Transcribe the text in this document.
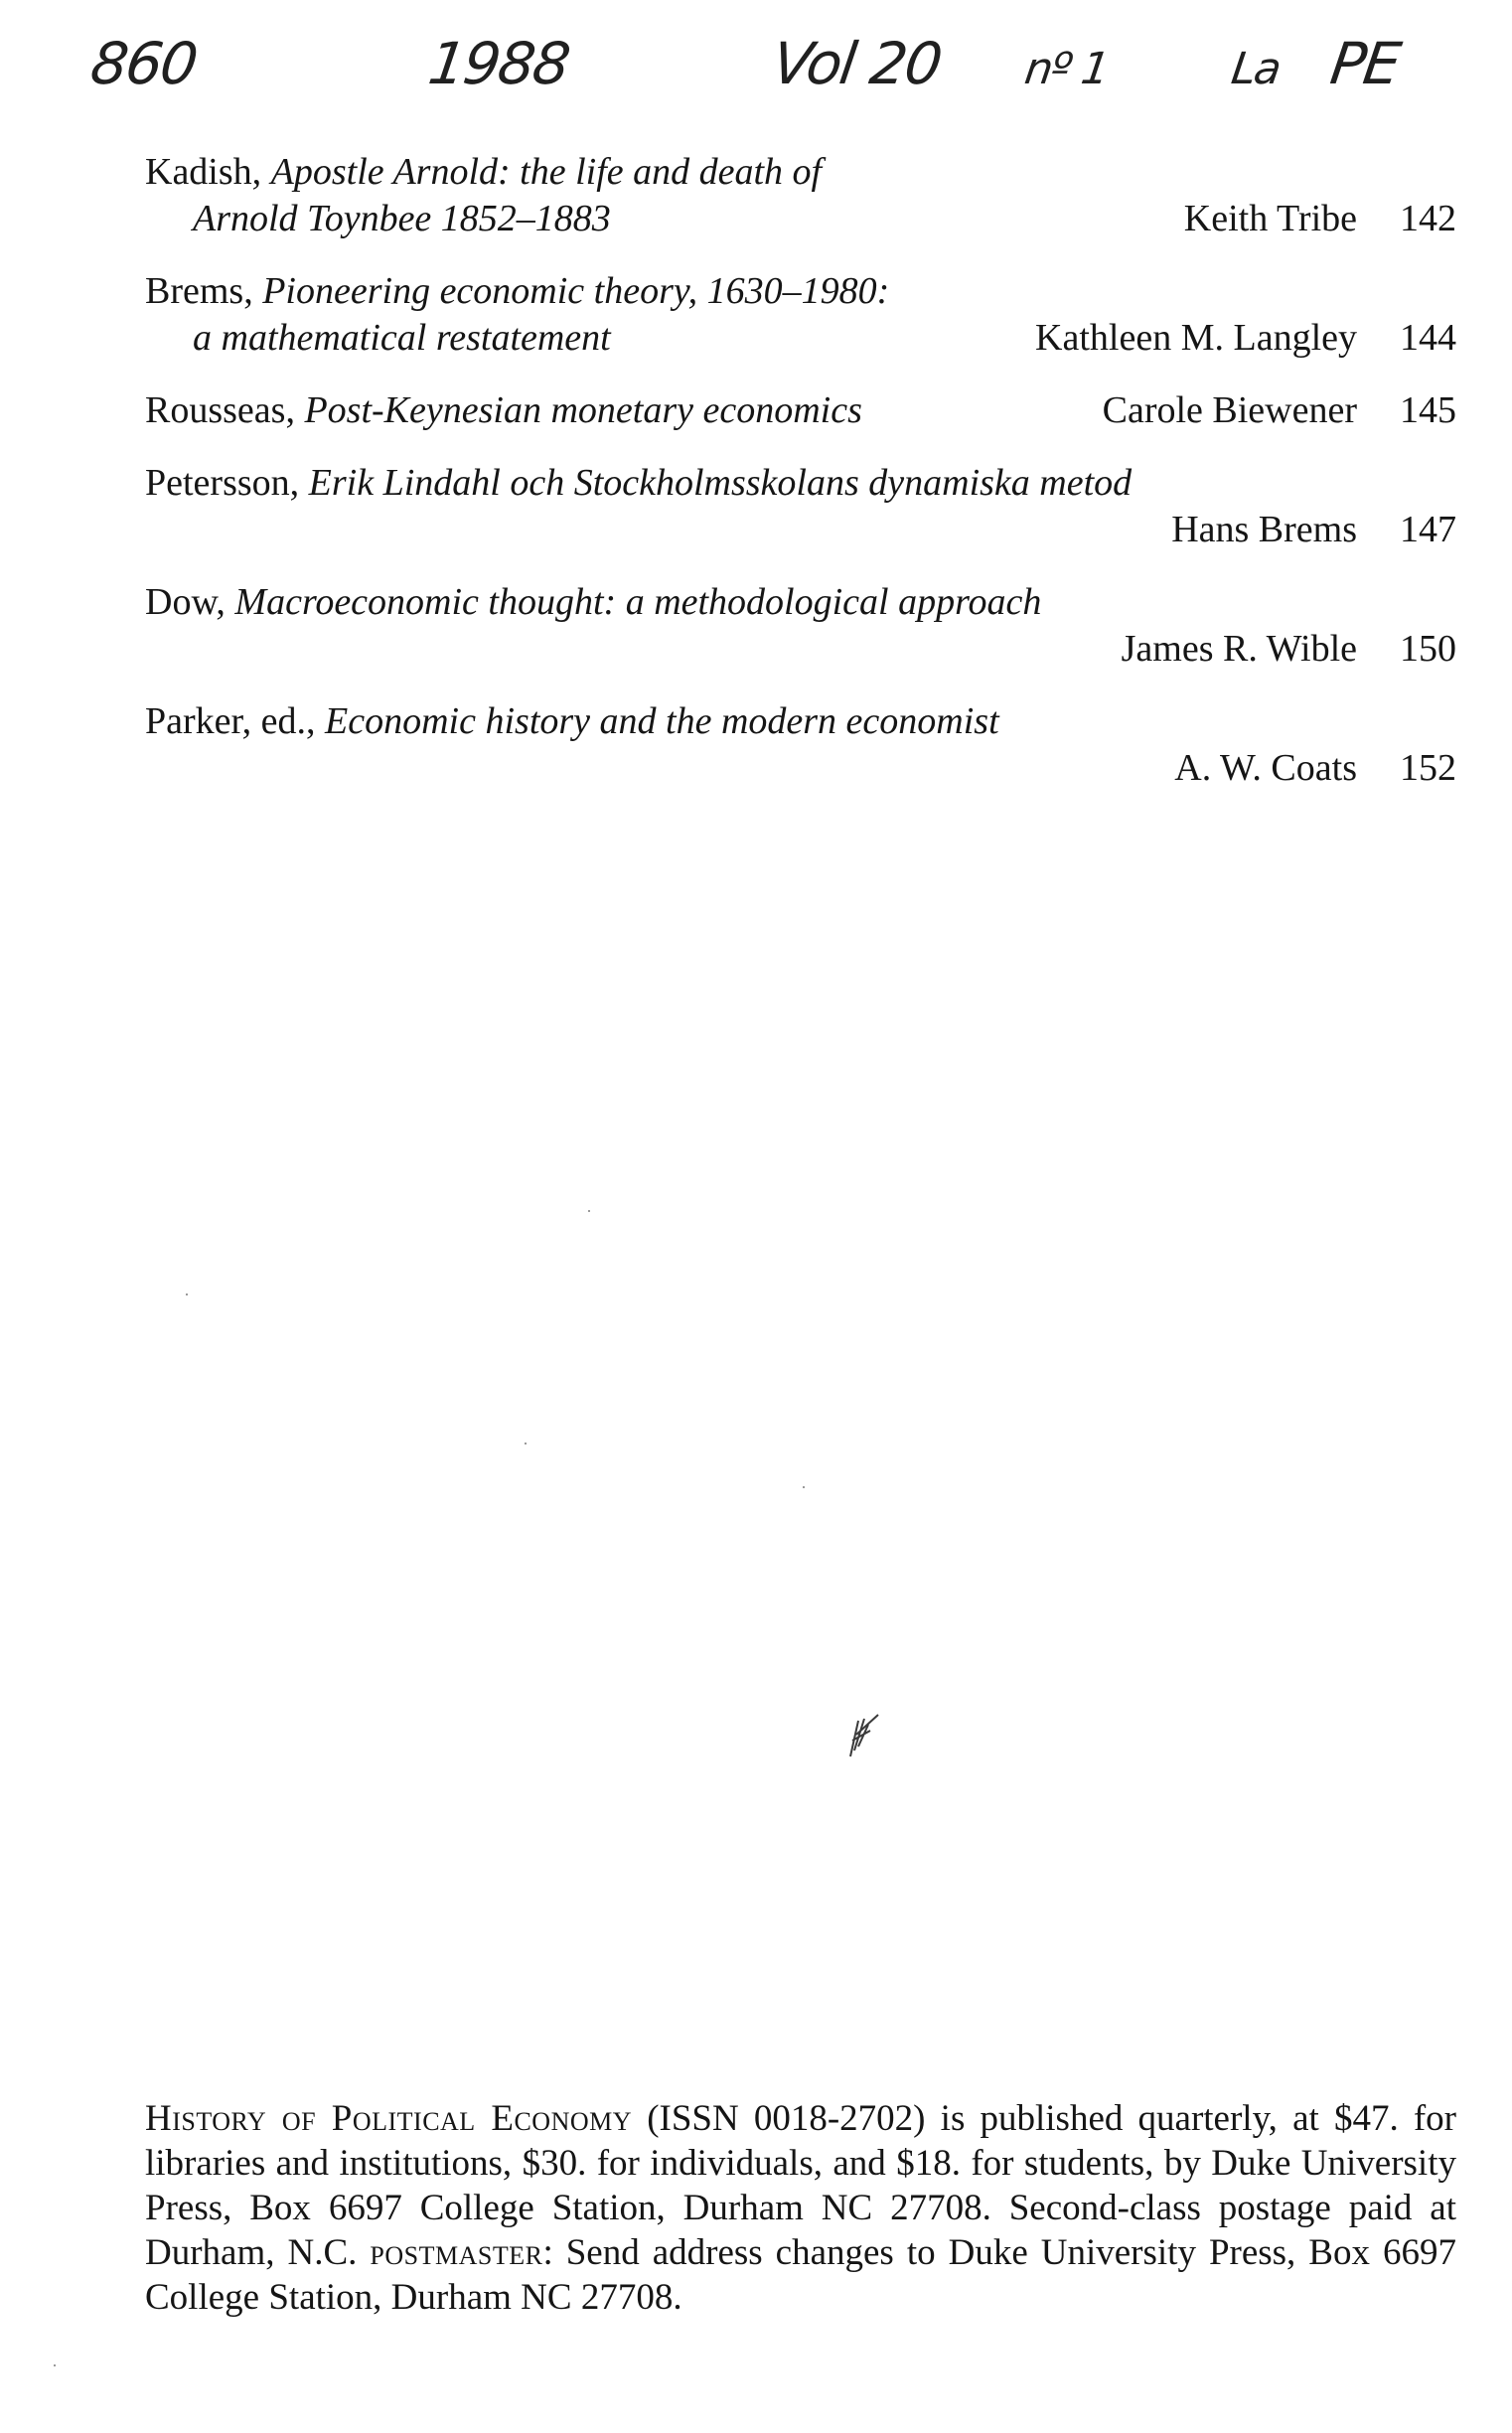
860	1988	Vol 20 nº 1	La PE
Kadish, Apostle Arnold: the life and death of
Arnold Toynbee 1852–1883	Keith Tribe 142
Brems, Pioneering economic theory, 1630–1980:
a mathematical restatement	Kathleen M. Langley 144
Rousseas, Post-Keynesian monetary economics	Carole Biewener 145
Petersson, Erik Lindahl och Stockholmsskolans dynamiska metod

Hans Brems 147
Dow, Macroeconomic thought: a methodological approach

James R. Wible 150
Parker, ed., Economic history and the modern economist

A. W. Coats 152
History of Political Economy (ISSN 0018-2702) is published quarterly, at $47. for libraries and institutions, $30. for individuals, and $18. for students, by Duke University Press, Box 6697 College Station, Durham NC 27708. Second-class postage paid at Durham, N.C. postmaster: Send address changes to Duke University Press, Box 6697 College Station, Durham NC 27708.
